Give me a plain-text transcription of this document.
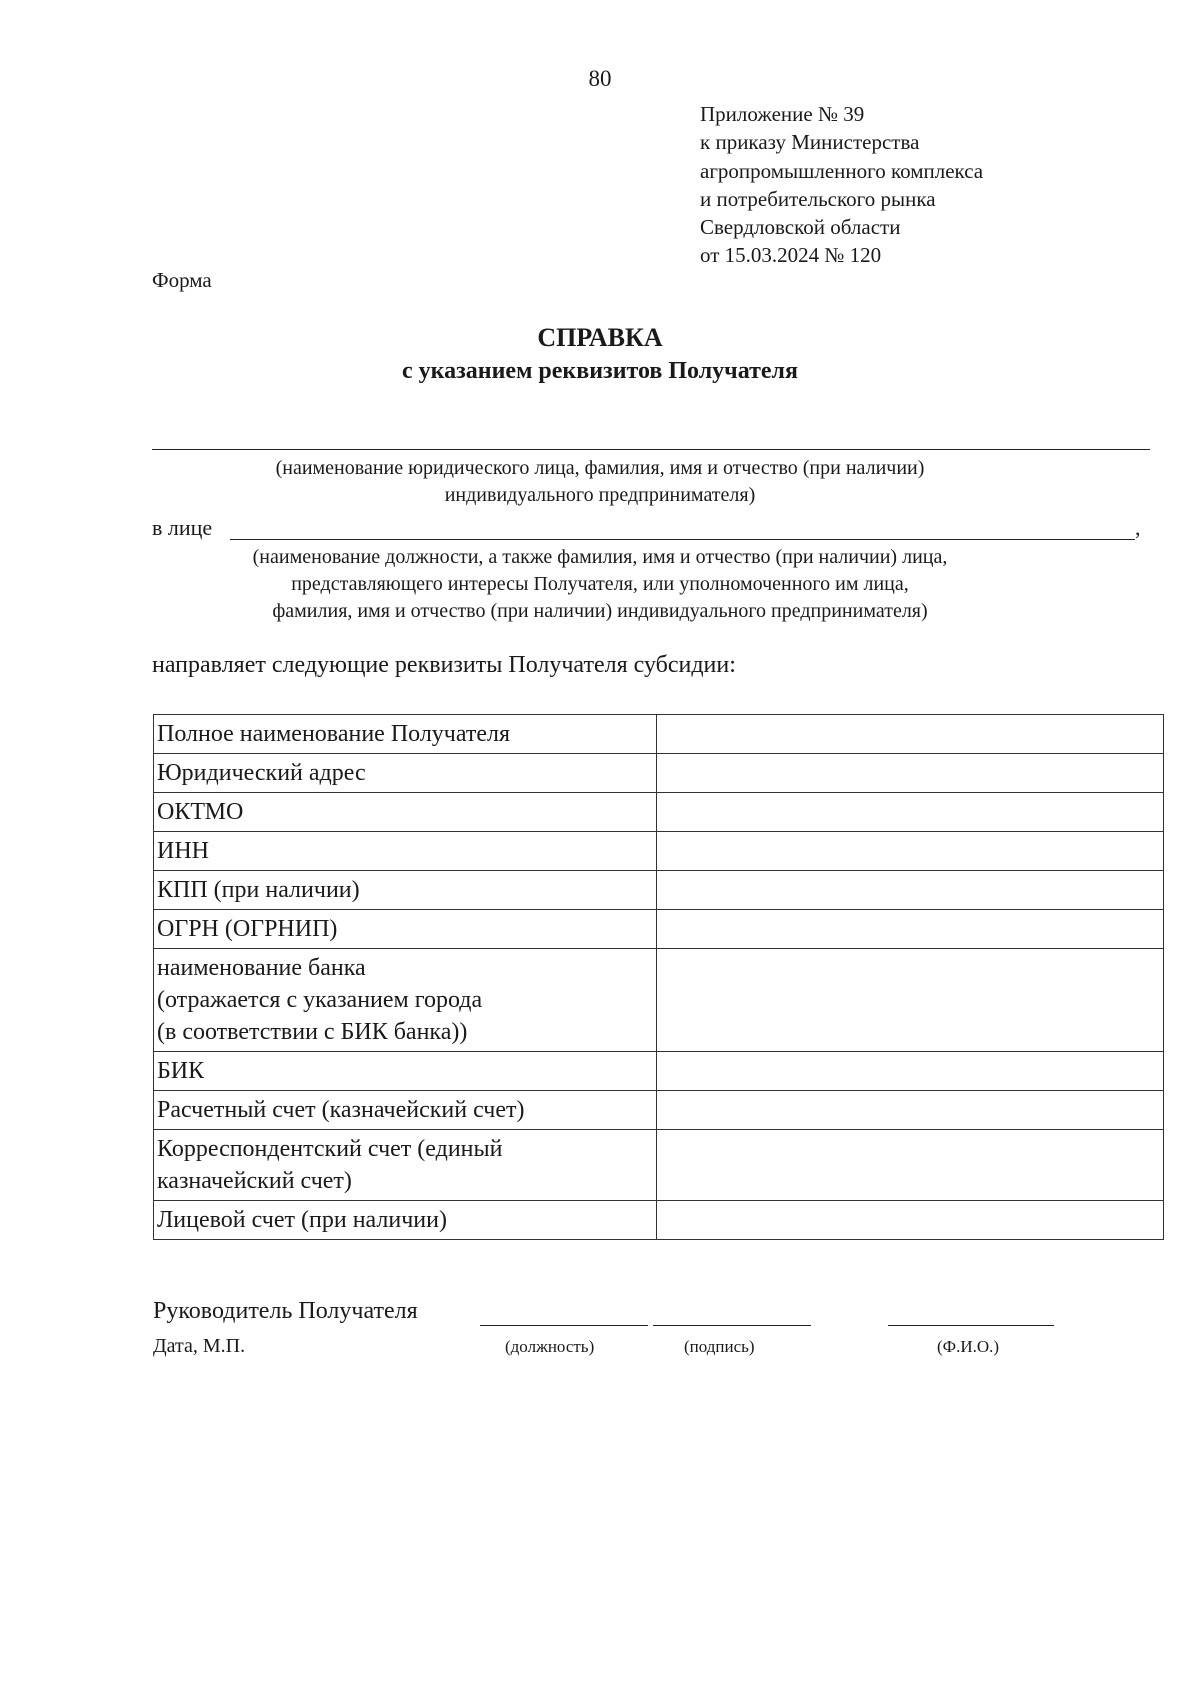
80
Приложение № 39
к приказу Министерства
агропромышленного комплекса
и потребительского рынка
Свердловской области
от 15.03.2024 № 120
Форма
СПРАВКА
с указанием реквизитов Получателя
(наименование юридического лица, фамилия, имя и отчество (при наличии)
индивидуального предпринимателя)
в лице	,
(наименование должности, а также фамилия, имя и отчество (при наличии) лица,
представляющего интересы Получателя, или уполномоченного им лица,
фамилия, имя и отчество (при наличии) индивидуального предпринимателя)
направляет следующие реквизиты Получателя субсидии:
Полное наименование Получателя	

Юридический адрес	

ОКТМО	

ИНН	

КПП (при наличии)	

ОГРН (ОГРНИП)	

наименование банка
(отражается с указанием города
(в соответствии с БИК банка))	

БИК	

Расчетный счет (казначейский счет)	

Корреспондентский счет (единый
казначейский счет)	

Лицевой счет (при наличии)	

Руководитель Получателя
Дата, М.П.	(должность)	(подпись)	(Ф.И.О.)
